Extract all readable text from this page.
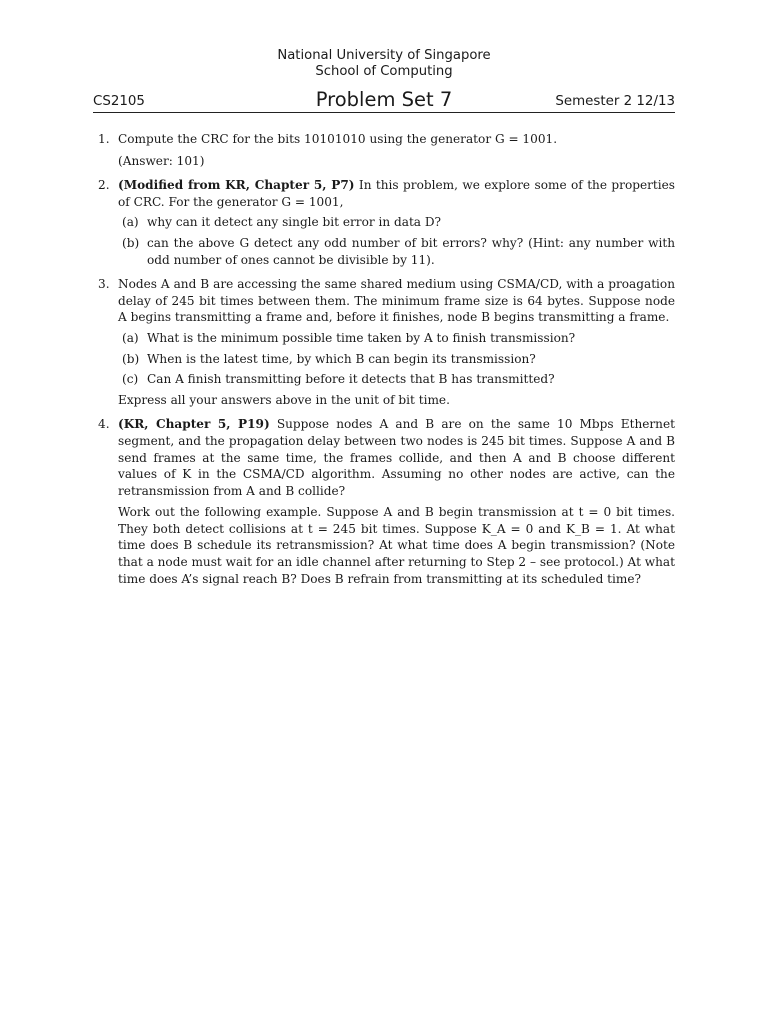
National University of Singapore
School of Computing
Problem Set 7
CS2105	Semester 2 12/13
1. Compute the CRC for the bits 10101010 using the generator G = 1001.

(Answer: 101)

2. (Modified from KR, Chapter 5, P7) In this problem, we explore some of the properties of CRC. For the generator G = 1001,

(a) why can it detect any single bit error in data D?
(b) can the above G detect any odd number of bit errors? why? (Hint: any number with odd number of ones cannot be divisible by 11).
3. Nodes A and B are accessing the same shared medium using CSMA/CD, with a proagation delay of 245 bit times between them. The minimum frame size is 64 bytes. Suppose node A begins transmitting a frame and, before it finishes, node B begins transmitting a frame.

(a) What is the minimum possible time taken by A to finish transmission?
(b) When is the latest time, by which B can begin its transmission?
(c) Can A finish transmitting before it detects that B has transmitted?

Express all your answers above in the unit of bit time.

4. (KR, Chapter 5, P19) Suppose nodes A and B are on the same 10 Mbps Ethernet segment, and the propagation delay between two nodes is 245 bit times. Suppose A and B send frames at the same time, the frames collide, and then A and B choose different values of K in the CSMA/CD algorithm. Assuming no other nodes are active, can the retransmission from A and B collide?

Work out the following example. Suppose A and B begin transmission at t = 0 bit times. They both detect collisions at t = 245 bit times. Suppose K_A = 0 and K_B = 1. At what time does B schedule its retransmission? At what time does A begin transmission? (Note that a node must wait for an idle channel after returning to Step 2 – see protocol.) At what time does A’s signal reach B? Does B refrain from transmitting at its scheduled time?
